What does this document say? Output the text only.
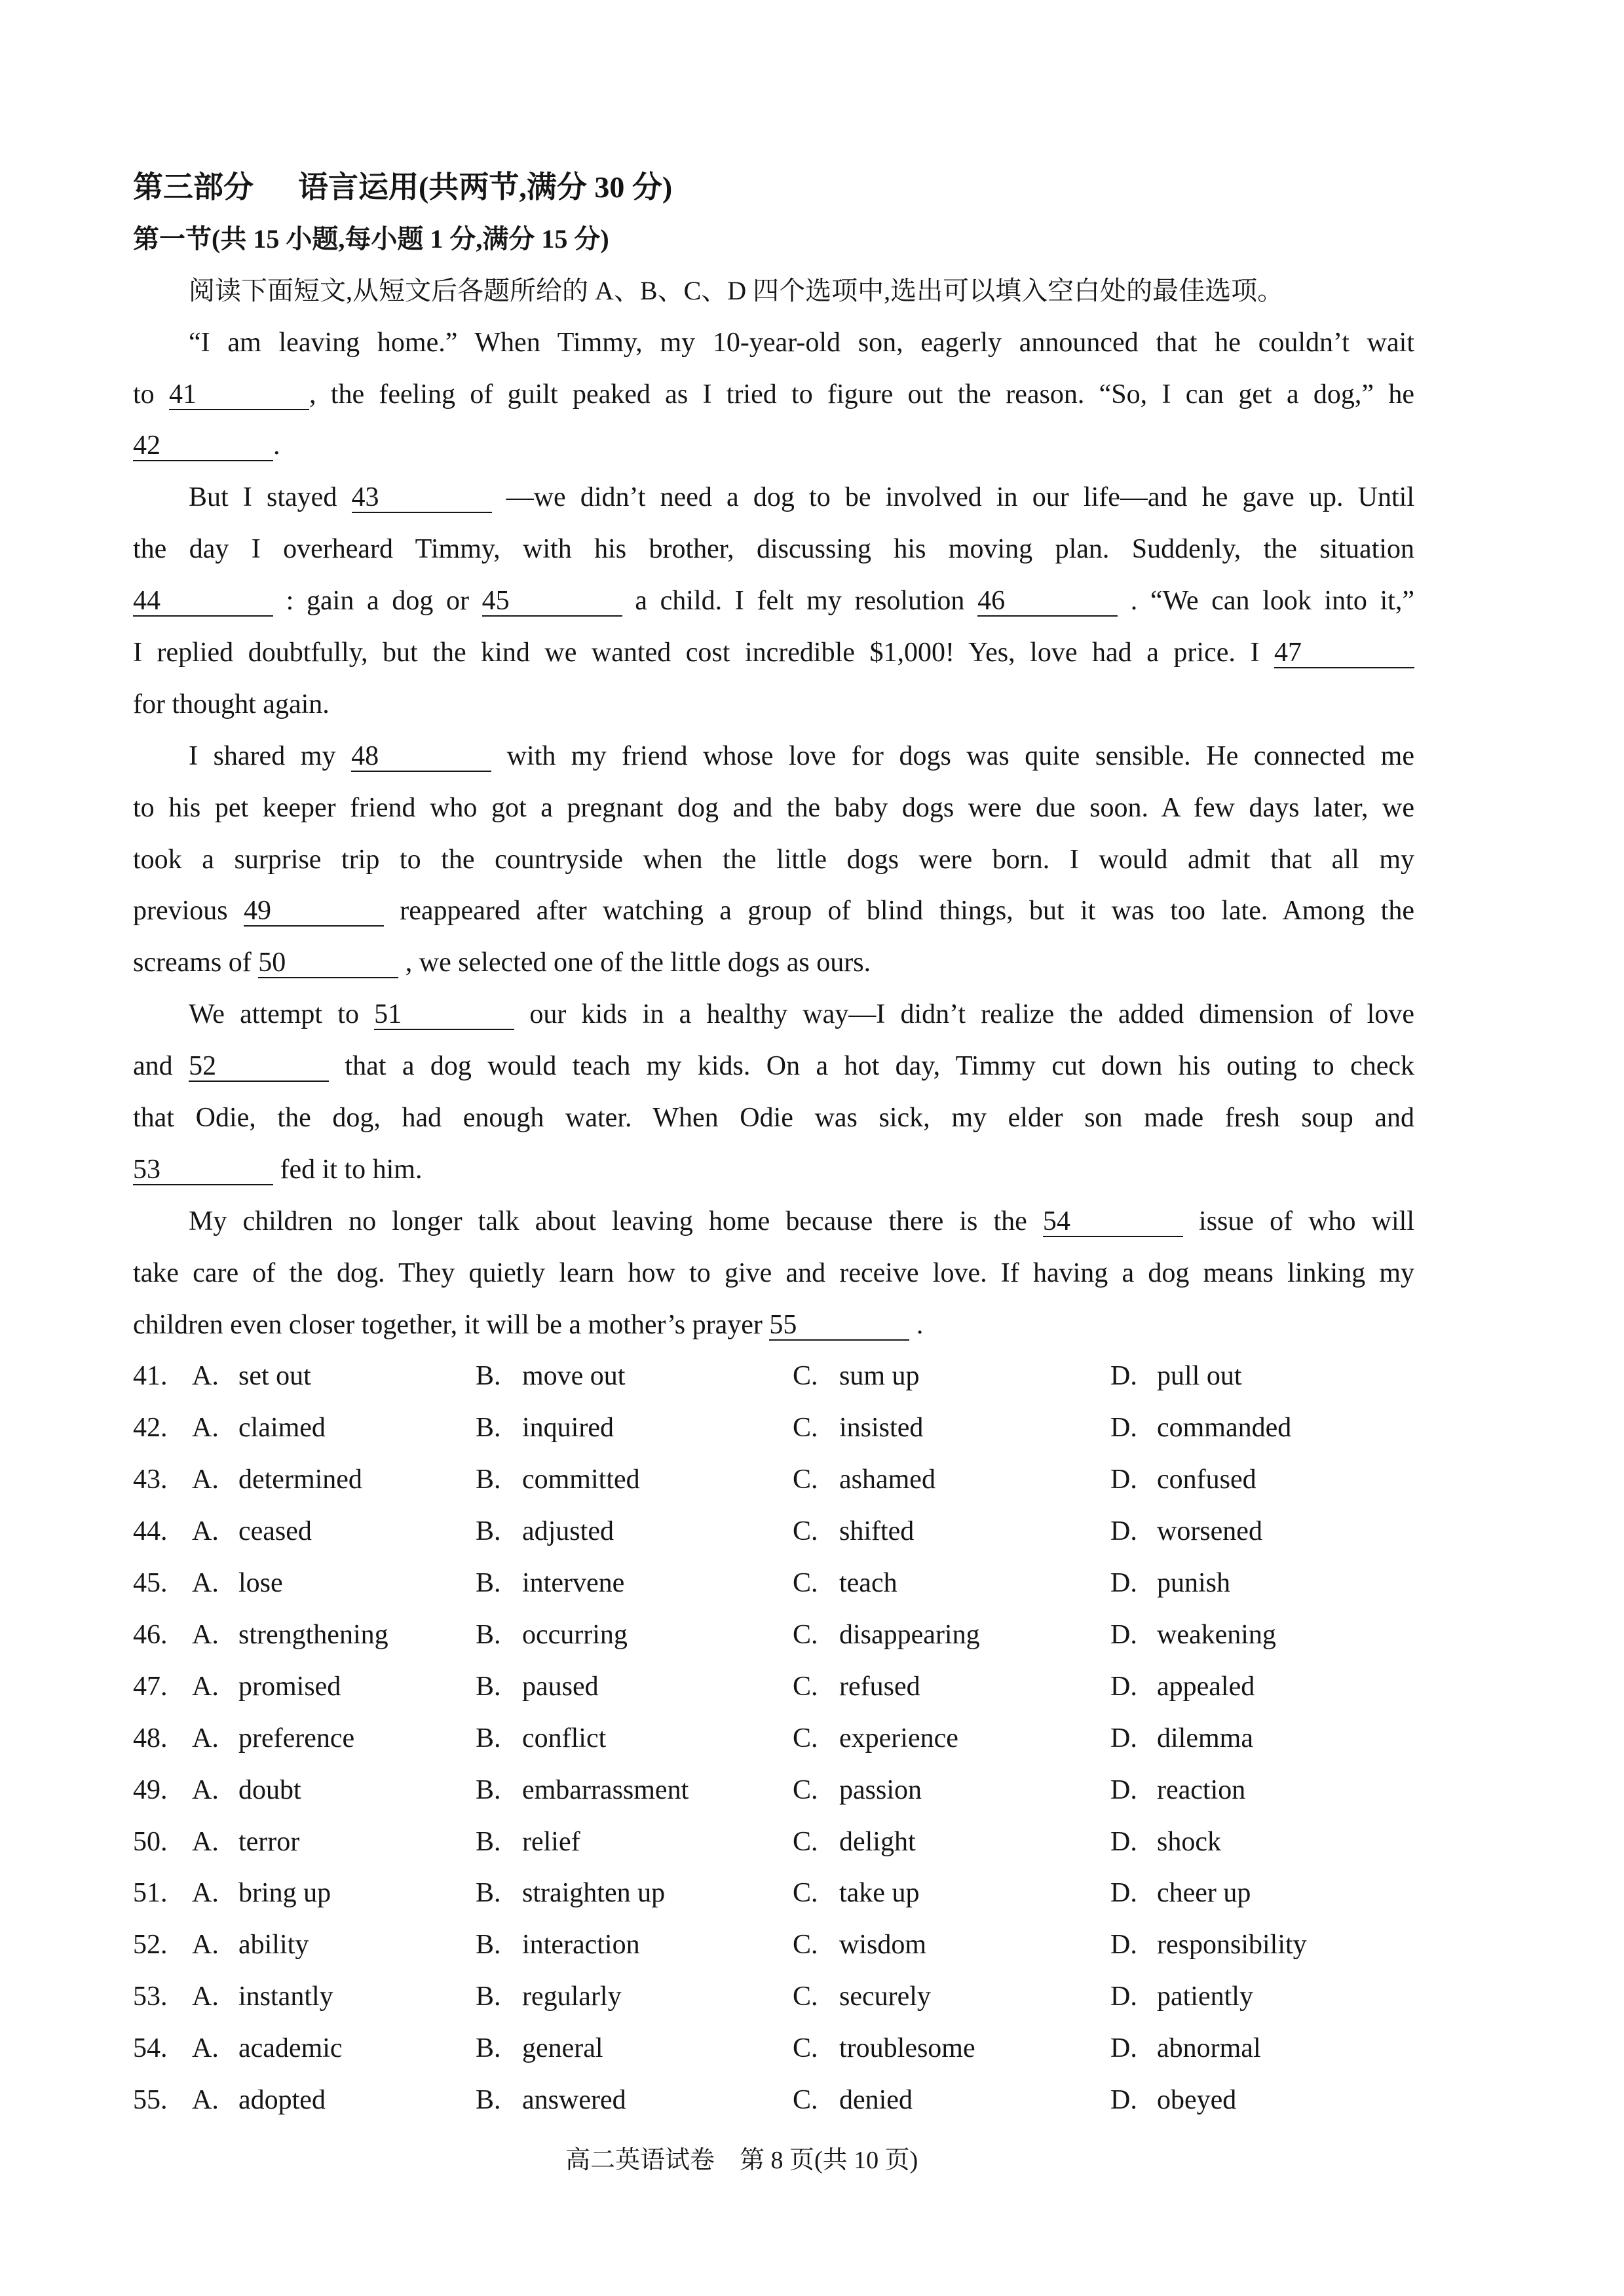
第三部分 语言运用(共两节,满分 30 分)
第一节(共 15 小题,每小题 1 分,满分 15 分)
阅读下面短文,从短文后各题所给的 A、B、C、D 四个选项中,选出可以填入空白处的最佳选项。
“I am leaving home.” When Timmy, my 10-year-old son, eagerly announced that he couldn’t wait
to 41	, the feeling of guilt peaked as I tried to figure out the reason. “So, I can get a dog,” he
42	.
But I stayed 43	—we didn’t need a dog to be involved in our life—and he gave up. Until
the day I overheard Timmy, with his brother, discussing his moving plan. Suddenly, the situation
44	: gain a dog or 45	a child. I felt my resolution 46	. “We can look into it,”
I replied doubtfully, but the kind we wanted cost incredible $1,000! Yes, love had a price. I 47
for thought again.
I shared my 48	with my friend whose love for dogs was quite sensible. He connected me
to his pet keeper friend who got a pregnant dog and the baby dogs were due soon. A few days later, we
took a surprise trip to the countryside when the little dogs were born. I would admit that all my
previous 49	reappeared after watching a group of blind things, but it was too late. Among the
screams of 50	, we selected one of the little dogs as ours.
We attempt to 51	our kids in a healthy way—I didn’t realize the added dimension of love
and 52	that a dog would teach my kids. On a hot day, Timmy cut down his outing to check
that Odie, the dog, had enough water. When Odie was sick, my elder son made fresh soup and
53	fed it to him.
My children no longer talk about leaving home because there is the 54	issue of who will
take care of the dog. They quietly learn how to give and receive love. If having a dog means linking my
children even closer together, it will be a mother’s prayer 55	.
41. A. set out	B. move out	C. sum up	D. pull out
42. A. claimed	B. inquired	C. insisted	D. commanded
43. A. determined	B. committed	C. ashamed	D. confused
44. A. ceased	B. adjusted	C. shifted	D. worsened
45. A. lose	B. intervene	C. teach	D. punish
46. A. strengthening	B. occurring	C. disappearing	D. weakening
47. A. promised	B. paused	C. refused	D. appealed
48. A. preference	B. conflict	C. experience	D. dilemma
49. A. doubt	B. embarrassment	C. passion	D. reaction
50. A. terror	B. relief	C. delight	D. shock
51. A. bring up	B. straighten up	C. take up	D. cheer up
52. A. ability	B. interaction	C. wisdom	D. responsibility
53. A. instantly	B. regularly	C. securely	D. patiently
54. A. academic	B. general	C. troublesome	D. abnormal
55. A. adopted	B. answered	C. denied	D. obeyed
高二英语试卷　第 8 页(共 10 页)
